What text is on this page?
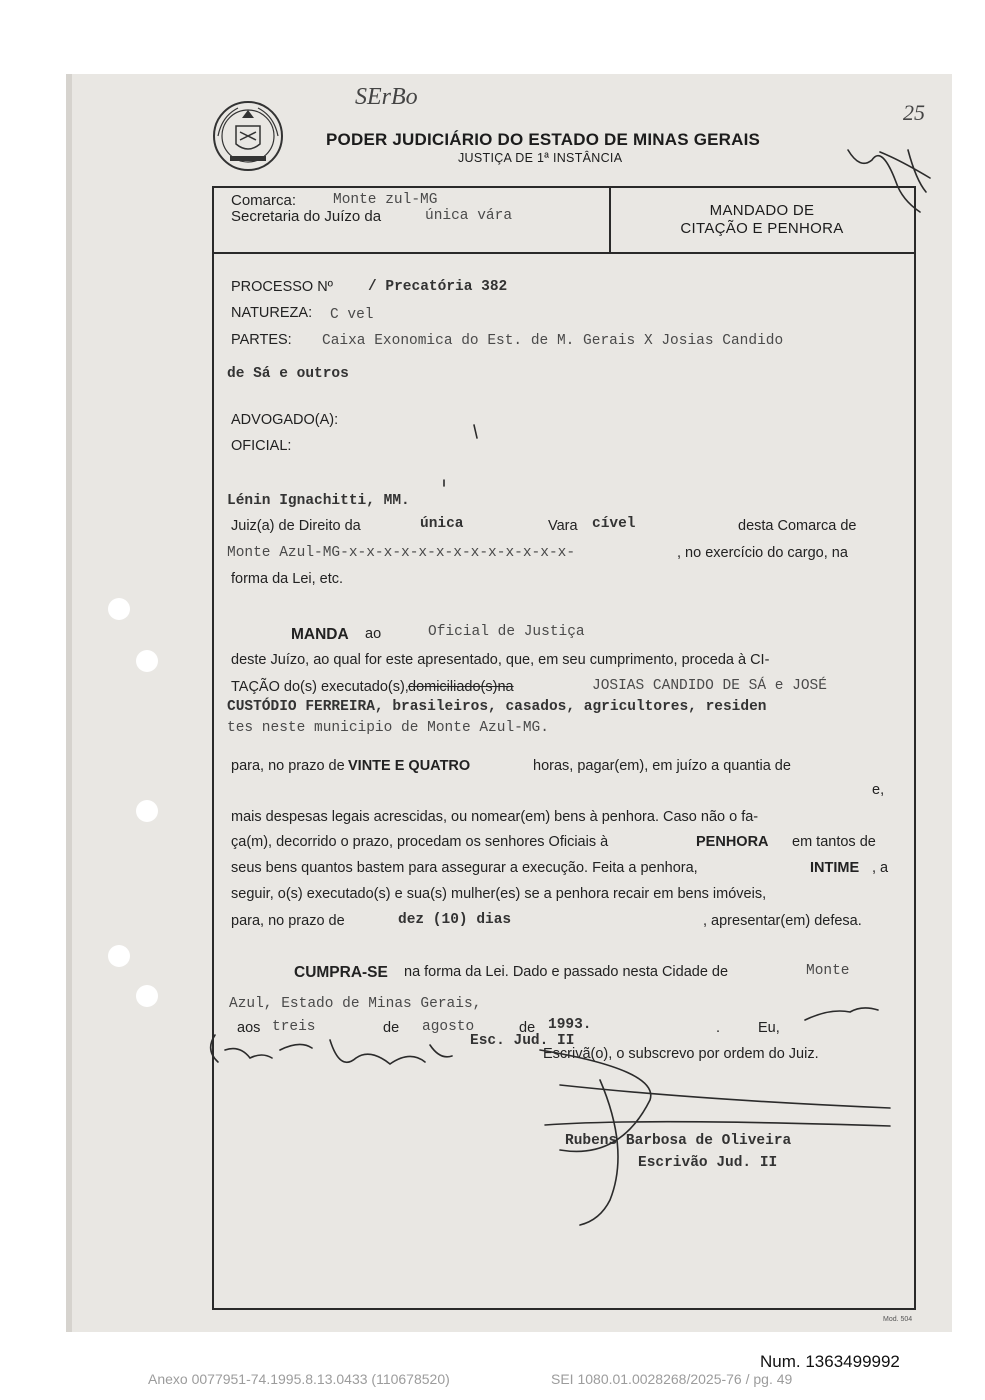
PODER JUDICIÁRIO DO ESTADO DE MINAS GERAIS
JUSTIÇA DE 1ª INSTÂNCIA
SErBo
25
Comarca:	Monte zul-MG
Secretaria do Juízo da	única vára	MANDADO DE
CITAÇÃO E PENHORA
PROCESSO Nº / Precatória 382
NATUREZA: C vel
PARTES: Caixa Exonomica do Est. de M. Gerais X Josias Candido
de Sá e outros
ADVOGADO(A):
OFICIAL:
Lénin Ignachitti, MM.
Juiz(a) de Direito da	única	Vara cível	desta Comarca de
Monte Azul-MG-x-x-x-x-x-x-x-x-x-x-x-x-x-	, no exercício do cargo, na
forma da Lei, etc.
MANDA ao	Oficial de Justiça
deste Juízo, ao qual for este apresentado, que, em seu cumprimento, proceda à CI-
TAÇÃO do(s) executado(s), domiciliado(s)na	JOSIAS CANDIDO DE SÁ e JOSÉ
CUSTÓDIO FERREIRA, brasileiros, casados, agricultores, residen
tes neste municipio de Monte Azul-MG.
para, no prazo de VINTE E QUATRO	horas, pagar(em), em juízo a quantia de
e,
mais despesas legais acrescidas, ou nomear(em) bens à penhora. Caso não o fa-
ça(m), decorrido o prazo, procedam os senhores Oficiais à	PENHORA em tantos de
seus bens quantos bastem para assegurar a execução. Feita a penhora,	INTIME , a
seguir, o(s) executado(s) e sua(s) mulher(es) se a penhora recair em bens imóveis,
para, no prazo de	dez (10) dias	, apresentar(em) defesa.
CUMPRA-SE na forma da Lei. Dado e passado nesta Cidade de	Monte
Azul, Estado de Minas Gerais,
aos treis	de agosto	de 1993.	.	Eu,
Esc. Jud. II
Escrivã(o), o subscrevo por ordem do Juiz.
Rubens Barbosa de Oliveira
Escrivão Jud. II
Mod. 504
Num. 1363499992
Anexo 0077951-74.1995.8.13.0433 (110678520)	SEI 1080.01.0028268/2025-76 / pg. 49
